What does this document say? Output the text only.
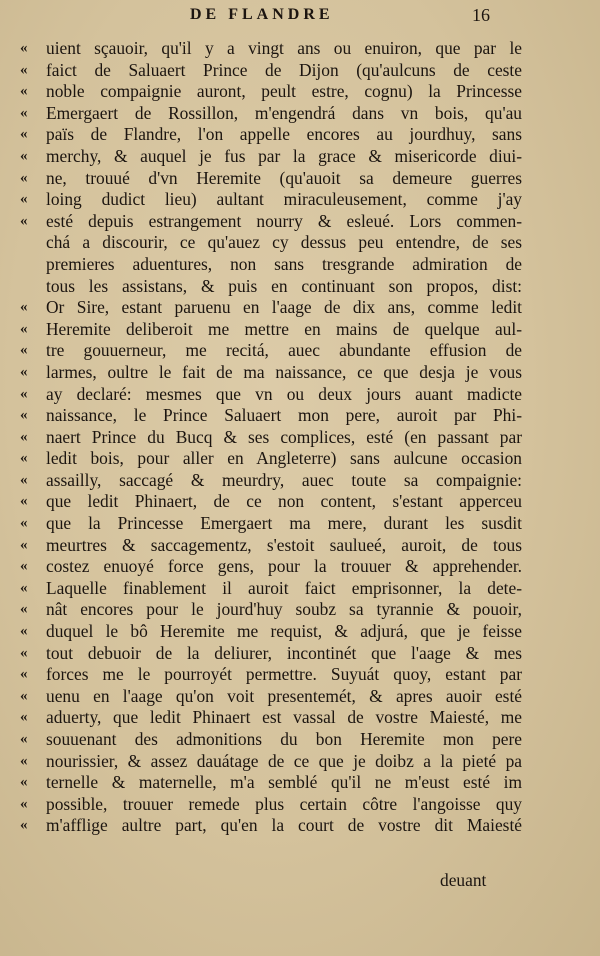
DE FLANDRE	16
«	uient sçauoir, qu'il y a vingt ans ou enuiron, que par le
«	faict de Saluaert Prince de Dijon (qu'aulcuns de ceste
«	noble compaignie auront, peult estre, cognu) la Princesse
«	Emergaert de Rossillon, m'engendrá dans vn bois, qu'au
«	païs de Flandre, l'on appelle encores au jourdhuy, sans
«	merchy, & auquel je fus par la grace & misericorde diui-
«	ne, trouué d'vn Heremite (qu'auoit sa demeure guerres
«	loing dudict lieu) aultant miraculeusement, comme j'ay
«	esté depuis estrangement nourry & esleué. Lors commen-
chá a discourir, ce qu'auez cy dessus peu entendre, de ses
premieres aduentures, non sans tresgrande admiration de
tous les assistans, & puis en continuant son propos, dist:
«	Or Sire, estant paruenu en l'aage de dix ans, comme ledit
«	Heremite deliberoit me mettre en mains de quelque aul-
«	tre gouuerneur, me recitá, auec abundante effusion de
«	larmes, oultre le fait de ma naissance, ce que desja je vous
«	ay declaré: mesmes que vn ou deux jours auant madicte
«	naissance, le Prince Saluaert mon pere, auroit par Phi-
«	naert Prince du Bucq & ses complices, esté (en passant par
«	ledit bois, pour aller en Angleterre) sans aulcune occasion
«	assailly, saccagé & meurdry, auec toute sa compaignie:
«	que ledit Phinaert, de ce non content, s'estant apperceu
«	que la Princesse Emergaert ma mere, durant les susdit
«	meurtres & saccagementz, s'estoit saulueé, auroit, de tous
«	costez enuoyé force gens, pour la trouuer & apprehender.
«	Laquelle finablement il auroit faict emprisonner, la dete-
«	nât encores pour le jourd'huy soubz sa tyrannie & pouoir,
«	duquel le bô Heremite me requist, & adjurá, que je feisse
«	tout debuoir de la deliurer, incontinét que l'aage & mes
«	forces me le pourroyét permettre. Suyuát quoy, estant par
«	uenu en l'aage qu'on voit presentemét, & apres auoir esté
«	aduerty, que ledit Phinaert est vassal de vostre Maiesté, me
«	souuenant des admonitions du bon Heremite mon pere
«	nourissier, & assez dauátage de ce que je doibz a la pieté pa
«	ternelle & maternelle, m'a semblé qu'il ne m'eust esté im
«	possible, trouuer remede plus certain côtre l'angoisse quy
«	m'afflige aultre part, qu'en la court de vostre dit Maiesté
deuant
